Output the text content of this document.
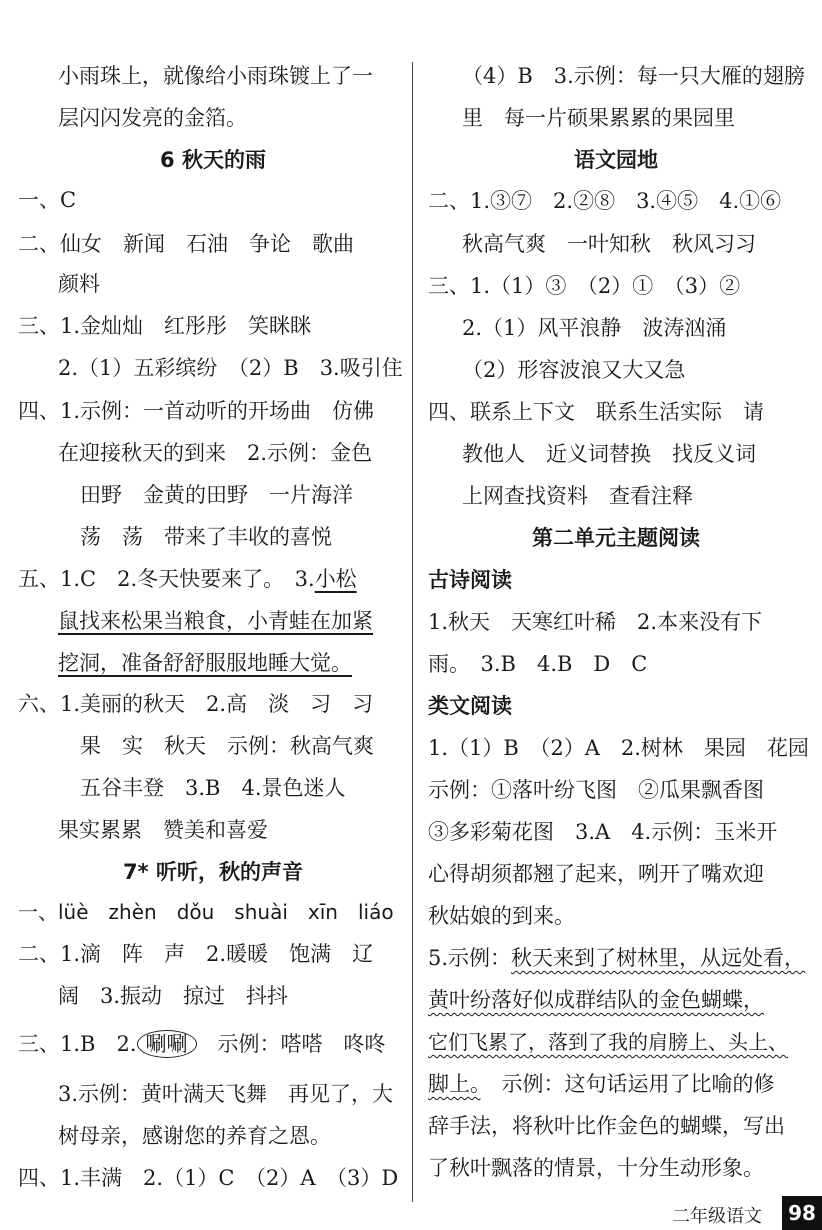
小雨珠上，就像给小雨珠镀上了一
层闪闪发亮的金箔。
6 秋天的雨
一、C
二、仙女　新闻　石油　争论　歌曲
颜料
三、1.金灿灿　红彤彤　笑眯眯
2.（1）五彩缤纷　（2）B　3.吸引住
四、1.示例：一首动听的开场曲　仿佛
在迎接秋天的到来　2.示例：金色
田野　金黄的田野　一片海洋
荡　荡　带来了丰收的喜悦
五、1.C　2.冬天快要来了。　3.小松
鼠找来松果当粮食，小青蛙在加紧
挖洞，准备舒舒服服地睡大觉。
六、1.美丽的秋天　2.高　淡　习　习
果　实　秋天　示例：秋高气爽
五谷丰登　3.B　4.景色迷人
果实累累　赞美和喜爱
7* 听听，秋的声音
一、lüè　zhèn　dǒu　shuài　xīn　liáo
二、1.滴　阵　声　2.暖暖　饱满　辽
阔　3.振动　掠过　抖抖
三、1.B　2. 唰唰　示例：嗒嗒　咚咚
3.示例：黄叶满天飞舞　再见了，大
树母亲，感谢您的养育之恩。
四、1.丰满　2.（1）C　（2）A　（3）D
（4）B　3.示例：每一只大雁的翅膀
里　每一片硕果累累的果园里
语文园地
二、1.③⑦　2.②⑧　3.④⑤　4.①⑥
秋高气爽　一叶知秋　秋风习习
三、1.（1）③　（2）①　（3）②
2.（1）风平浪静　波涛汹涌
（2）形容波浪又大又急
四、联系上下文　联系生活实际　请
教他人　近义词替换　找反义词
上网查找资料　查看注释
第二单元主题阅读
古诗阅读
1.秋天　天寒红叶稀　2.本来没有下
雨。　3.B　4.B　D　C
类文阅读
1.（1）B　（2）A　2.树林　果园　花园
示例：①落叶纷飞图　②瓜果飘香图
③多彩菊花图　3.A　4.示例：玉米开
心得胡须都翘了起来，咧开了嘴欢迎
秋姑娘的到来。
5.示例：秋天来到了树林里，从远处看，
黄叶纷落好似成群结队的金色蝴蝶，
它们飞累了，落到了我的肩膀上、头上、
脚上。　示例：这句话运用了比喻的修
辞手法，将秋叶比作金色的蝴蝶，写出
了秋叶飘落的情景，十分生动形象。
二年级语文	98
